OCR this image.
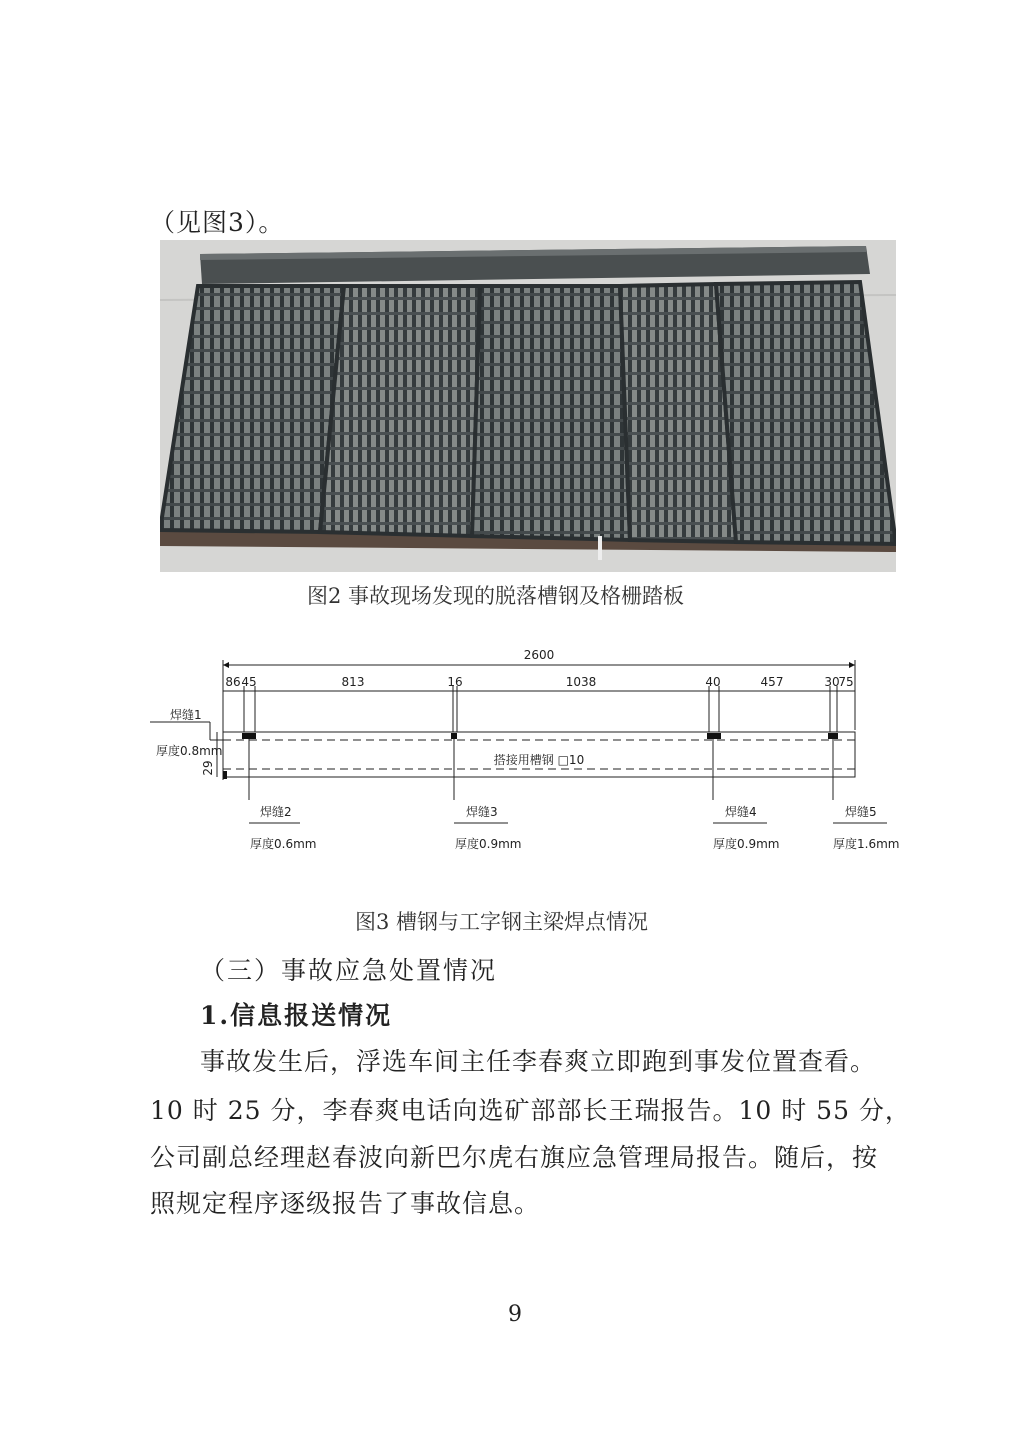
（见图3）。
图2 事故现场发现的脱落槽钢及格栅踏板
2600
86 45	813	16	1038	40	457	30
75
搭接用槽钢 □10
29
焊缝1
厚度0.8mm
焊缝2
厚度0.6mm
焊缝3
厚度0.9mm
焊缝4
厚度0.9mm
焊缝5
厚度1.6mm
图3 槽钢与工字钢主梁焊点情况
（三）事故应急处置情况
1.信息报送情况
事故发生后，浮选车间主任李春爽立即跑到事发位置查看。
10 时 25 分，李春爽电话向选矿部部长王瑞报告。10 时 55 分，
公司副总经理赵春波向新巴尔虎右旗应急管理局报告。随后，按
照规定程序逐级报告了事故信息。
9
